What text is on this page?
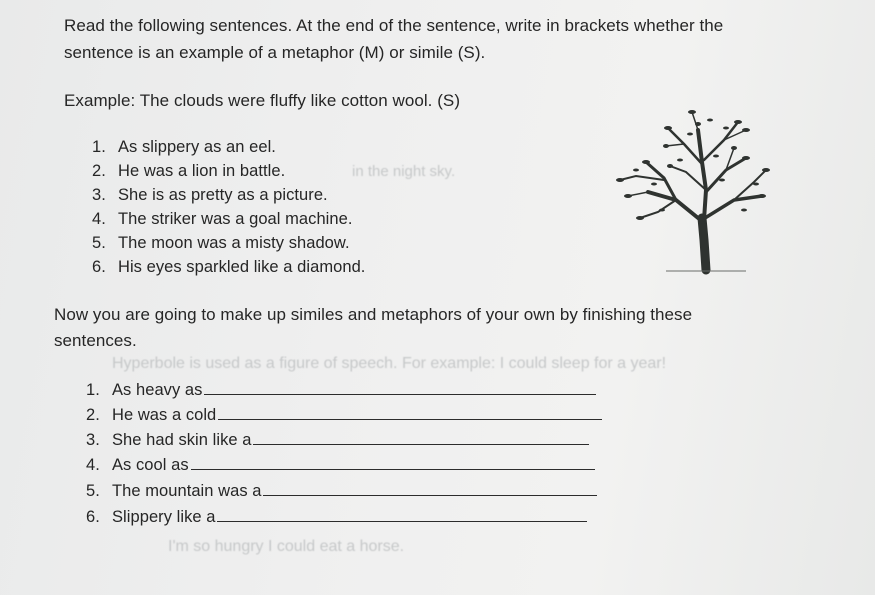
in the night sky.
Hyperbole is used as a figure of speech. For example: I could sleep for a year!
I'm so hungry I could eat a horse.
Read the following sentences. At the end of the sentence, write in brackets whether the
sentence is an example of a metaphor (M) or simile (S).
Example: The clouds were fluffy like cotton wool. (S)
1. As slippery as an eel.
2. He was a lion in battle.
3. She is as pretty as a picture.
4. The striker was a goal machine.
5. The moon was a misty shadow.
6. His eyes sparkled like a diamond.
Now you are going to make up similes and metaphors of your own by finishing these
sentences.
1. As heavy as
2. He was a cold
3. She had skin like a
4. As cool as
5. The mountain was a
6. Slippery like a
